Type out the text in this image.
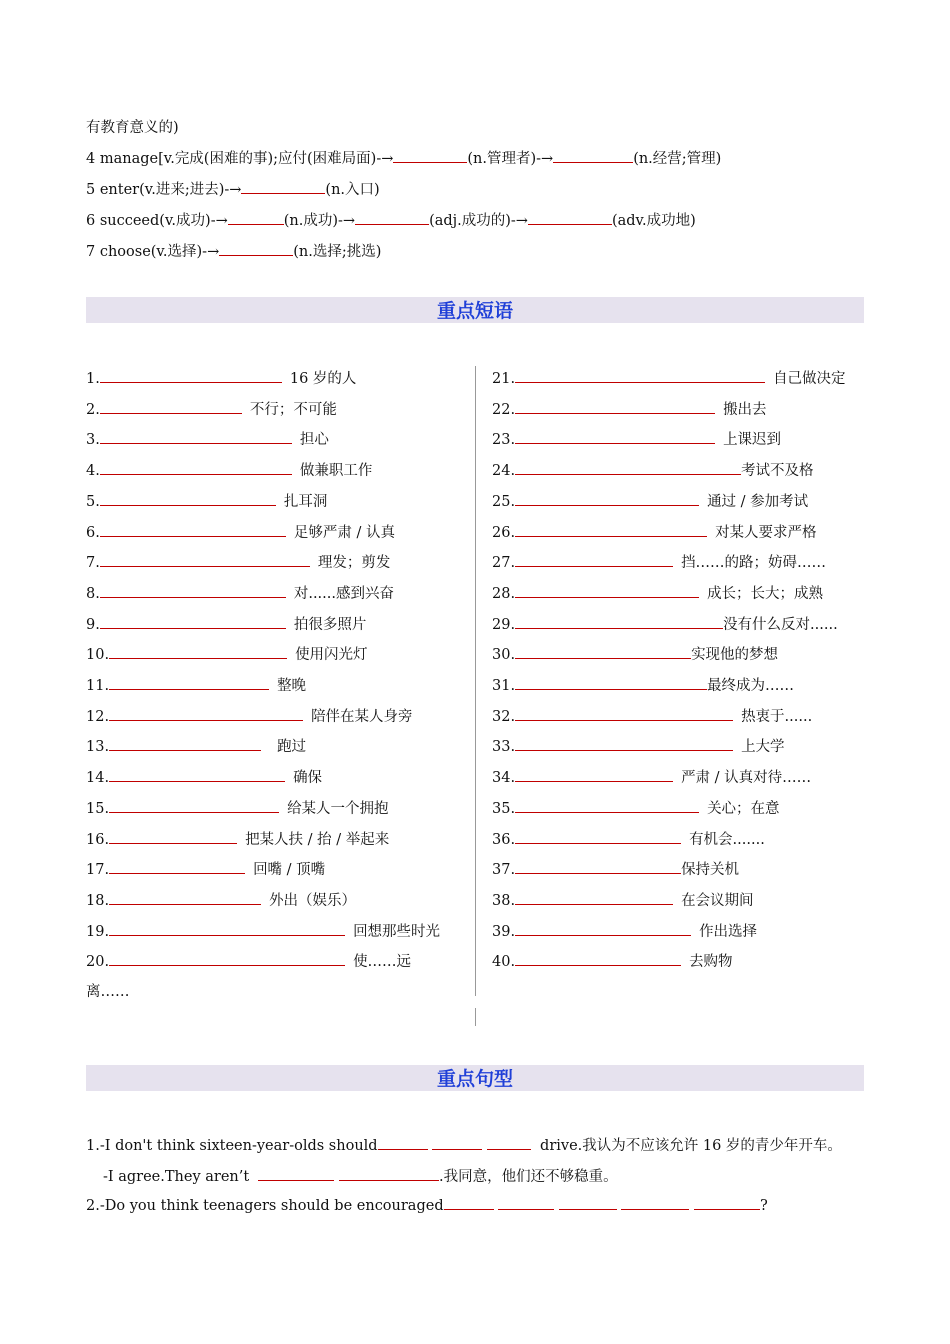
有教育意义的)
4 manage[v.完成(困难的事);应付(困难局面)-→	(n.管理者)-→	(n.经营;管理)
5 enter(v.进来;进去)-→	(n.入口)
6 succeed(v.成功)-→	(n.成功)-→	(adj.成功的)-→	(adv.成功地)
7 choose(v.选择)-→	(n.选择;挑选)
重点短语
1.	16 岁的人
2.	不行；不可能
3.	担心
4.	做兼职工作
5.	扎耳洞
6.	足够严肃 / 认真
7.	理发；剪发
8.	对......感到兴奋
9.	拍很多照片
10.	使用闪光灯
11.	整晚
12.	陪伴在某人身旁
13.	跑过
14.	确保
15.	给某人一个拥抱
16.	把某人扶 / 抬 / 举起来
17.	回嘴 / 顶嘴
18.	外出（娱乐）
19.	回想那些时光
20.	使……远
21.	自己做决定
22.	搬出去
23.	上课迟到
24.	考试不及格
25.	通过 / 参加考试
26.	对某人要求严格
27.	挡……的路；妨碍……
28.	成长；长大；成熟
29.	没有什么反对......
30.	实现他的梦想
31.	最终成为……
32.	热衷于......
33.	上大学
34.	严肃 / 认真对待……
35.	关心；在意
36.	有机会.......
37.	保持关机
38.	在会议期间
39.	作出选择
40.	去购物
离……
重点句型
1.-I don't think sixteen-year-olds should	drive.我认为不应该允许 16 岁的青少年开车。
-I agree.They aren’t	.我同意，他们还不够稳重。
2.-Do you think teenagers should be encouraged	?
